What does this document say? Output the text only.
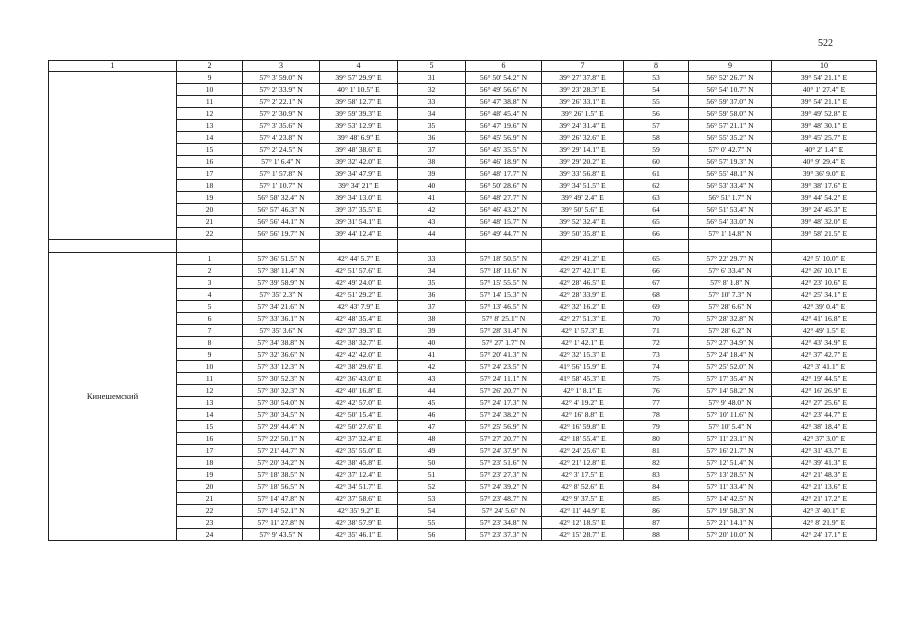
522
1	2	3	4	5	6	7	8	9	10
	9	57° 3' 59.0" N	39° 57' 29.9" E	31	56° 50' 54.2" N	39° 27' 37.8" E	53	56° 52' 26.7" N	39° 54' 21.1" E
	10	57° 2' 33.9" N	40° 1' 10.5" E	32	56° 49' 56.6" N	39° 23' 28.3" E	54	56° 54' 10.7" N	40° 1' 27.4" E
	11	57° 2' 22.1" N	39° 58' 12.7" E	33	56° 47' 38.8" N	39° 26' 33.1" E	55	56° 59' 37.0" N	39° 54' 21.1" E
	12	57° 2' 30.9" N	39° 59' 39.3" E	34	56° 48' 45.4" N	39° 26' 1.5" E	56	56° 59' 58.0" N	39° 49' 52.8" E
	13	57° 3' 35.6" N	39° 53' 12.9" E	35	56° 47' 19.6" N	39° 24' 31.4" E	57	56° 57' 21.1" N	39° 48' 30.1" E
	14	57° 4' 23.8" N	39° 48' 6.9" E	36	56° 45' 56.9" N	39° 26' 32.6" E	58	56° 55' 35.2" N	39° 45' 25.7" E
	15	57° 2' 24.5" N	39° 48' 38.6" E	37	56° 45' 35.5" N	39° 29' 14.1" E	59	57° 0' 42.7" N	40° 2' 1.4" E
	16	57° 1' 6.4" N	39° 32' 42.0" E	38	56° 46' 18.9" N	39° 29' 20.2" E	60	56° 57' 19.3" N	40° 9' 29.4" E
	17	57° 1' 57.8" N	39° 34' 47.9" E	39	56° 48' 17.7" N	39° 33' 56.8" E	61	56° 55' 48.1" N	39° 36' 9.0" E
	18	57° 1' 10.7" N	39° 34' 21" E	40	56° 50' 28.6" N	39° 34' 51.5" E	62	56° 53' 33.4" N	39° 38' 17.6" E
	19	56° 58' 32.4" N	39° 34' 13.0" E	41	56° 48' 27.7" N	39° 49' 2.4" E	63	56° 51' 1.7" N	39° 44' 54.2" E
	20	56° 57' 46.3" N	39° 37' 35.5" E	42	56° 46' 43.2" N	39° 50' 5.6" E	64	56° 51' 53.4" N	39° 24' 45.3" E
	21	56° 56' 44.1" N	39° 31' 54.1" E	43	56° 48' 15.7" N	39° 52' 32.4" E	65	56° 54' 33.0" N	39° 48' 32.0" E
	22	56° 56' 19.7" N	39° 44' 12.4" E	44	56° 49' 44.7" N	39° 50' 35.8" E	66	57° 1' 14.8" N	39° 58' 21.5" E

Кинешемский	1	57° 36' 51.5" N	42° 44' 5.7" E	33	57° 18' 50.5" N	42° 29' 41.2" E	65	57° 22' 29.7" N	42° 5' 10.0" E
	2	57° 38' 11.4" N	42° 51' 57.6" E	34	57° 18' 11.6" N	42° 27' 42.1" E	66	57° 6' 33.4" N	42° 26' 10.1" E
	3	57° 39' 58.9" N	42° 49' 24.0" E	35	57° 15' 55.5" N	42° 28' 46.5" E	67	57° 8' 1.8" N	42° 23' 10.6" E
	4	57° 35' 2.3" N	42° 51' 29.2" E	36	57° 14' 15.3" N	42° 28' 33.9" E	68	57° 10' 7.3" N	42° 25' 34.1" E
	5	57° 34' 21.6" N	42° 43' 7.9" E	37	57° 13' 46.5" N	42° 32' 16.2" E	69	57° 28' 6.6" N	42° 39' 0.4" E
	6	57° 33' 36.1" N	42° 48' 35.4" E	38	57° 8' 25.1" N	42° 27' 51.3" E	70	57° 28' 32.8" N	42° 41' 16.8" E
	7	57° 35' 3.6" N	42° 37' 39.3" E	39	57° 28' 31.4" N	42° 1' 57.3" E	71	57° 28' 6.2" N	42° 49' 1.5" E
	8	57° 34' 38.8" N	42° 38' 32.7" E	40	57° 27' 1.7" N	42° 1' 42.1" E	72	57° 27' 34.9" N	42° 43' 34.9" E
	9	57° 32' 36.6" N	42° 42' 42.0" E	41	57° 20' 41.3" N	42° 32' 15.3" E	73	57° 24' 18.4" N	42° 37' 42.7" E
	10	57° 33' 12.3" N	42° 38' 29.6" E	42	57° 24' 23.5" N	41° 56' 15.9" E	74	57° 25' 52.0" N	42° 3' 41.1" E
	11	57° 30' 52.3" N	42° 36' 43.0" E	43	57° 24' 11.1" N	41° 58' 45.3" E	75	57° 17' 35.4" N	42° 19' 44.5" E
	12	57° 30' 32.3" N	42° 40' 16.8" E	44	57° 26' 20.7" N	42° 1' 8.1" E	76	57° 14' 58.2" N	42° 16' 26.9" E
	13	57° 30' 54.0" N	42° 42' 57.0" E	45	57° 24' 17.3" N	42° 4' 19.2" E	77	57° 9' 48.0" N	42° 27' 25.6" E
	14	57° 30' 34.5" N	42° 50' 15.4" E	46	57° 24' 38.2" N	42° 16' 8.8" E	78	57° 10' 11.6" N	42° 23' 44.7" E
	15	57° 29' 44.4" N	42° 50' 27.6" E	47	57° 25' 56.9" N	42° 16' 59.8" E	79	57° 10' 5.4" N	42° 38' 18.4" E
	16	57° 22' 50.1" N	42° 37' 32.4" E	48	57° 27' 20.7" N	42° 18' 55.4" E	80	57° 11' 23.1" N	42° 37' 3.0" E
	17	57° 21' 44.7" N	42° 35' 55.0" E	49	57° 24' 37.9" N	42° 24' 25.6" E	81	57° 16' 21.7" N	42° 31' 43.7" E
	18	57° 20' 34.2" N	42° 38' 45.8" E	50	57° 23' 51.6" N	42° 21' 12.8" E	82	57° 12' 51.4" N	42° 39' 41.3" E
	19	57° 18' 38.5" N	42° 37' 12.4" E	51	57° 23' 27.3" N	42° 3' 17.5" E	83	57° 13' 28.5" N	42° 21' 48.3" E
	20	57° 18' 56.5" N	42° 34' 51.7" E	52	57° 24' 39.2" N	42° 8' 52.6" E	84	57° 11' 33.4" N	42° 21' 13.6" E
	21	57° 14' 47.8" N	42° 37' 58.6" E	53	57° 23' 48.7" N	42° 9' 37.5" E	85	57° 14' 42.5" N	42° 21' 17.2" E
	22	57° 14' 52.1" N	42° 35' 9.2" E	54	57° 24' 5.6" N	42° 11' 44.9" E	86	57° 19' 58.3" N	42° 3' 40.1" E
	23	57° 11' 27.8" N	42° 38' 57.9" E	55	57° 23' 34.8" N	42° 12' 18.5" E	87	57° 21' 14.1" N	42° 8' 21.9" E
	24	57° 9' 43.5" N	42° 35' 46.1" E	56	57° 23' 37.3" N	42° 15' 28.7" E	88	57° 20' 10.0" N	42° 24' 17.1" E
